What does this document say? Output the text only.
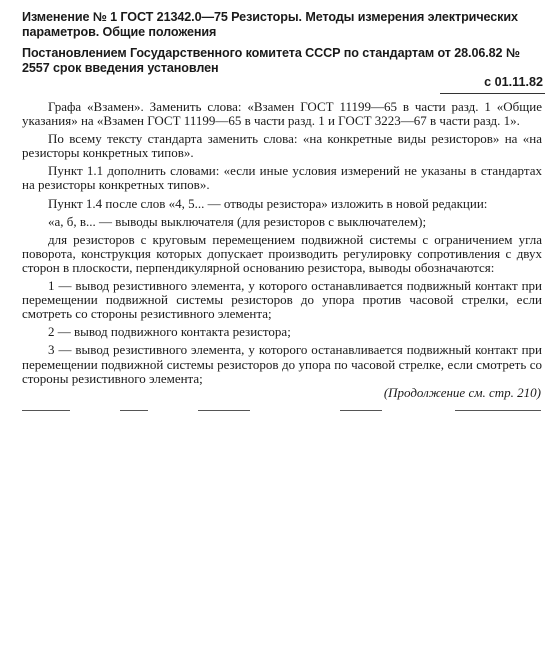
Изменение № 1 ГОСТ 21342.0—75 Резисторы. Методы измерения электрических параметров. Общие положения
Постановлением Государственного комитета СССР по стандартам от 28.06.82 № 2557 срок введения установлен
с 01.11.82

Графа «Взамен». Заменить слова: «Взамен ГОСТ 11199—65 в части разд. 1 «Общие указания» на «Взамен ГОСТ 11199—65 в части разд. 1 и ГОСТ 3223—67 в части разд. 1».

По всему тексту стандарта заменить слова: «на конкретные виды резисторов» на «на резисторы конкретных типов».

Пункт 1.1 дополнить словами: «если иные условия измерений не указаны в стандартах на резисторы конкретных типов».

Пункт 1.4 после слов «4, 5... — отводы резистора» изложить в новой редакции:

«а, б, в... — выводы выключателя (для резисторов с выключателем);

для резисторов с круговым перемещением подвижной системы с ограничением угла поворота, конструкция которых допускает производить регулировку сопротивления с двух сторон в плоскости, перпендикулярной основанию резистора, выводы обозначаются:

1 — вывод резистивного элемента, у которого останавливается подвижный контакт при перемещении подвижной системы резисторов до упора против часовой стрелки, если смотреть со стороны резистивного элемента;

2 — вывод подвижного контакта резистора;

3 — вывод резистивного элемента, у которого останавливается подвижный контакт при перемещении подвижной системы резисторов до упора по часовой стрелке, если смотреть со стороны резистивного элемента;

(Продолжение см. стр. 210)
